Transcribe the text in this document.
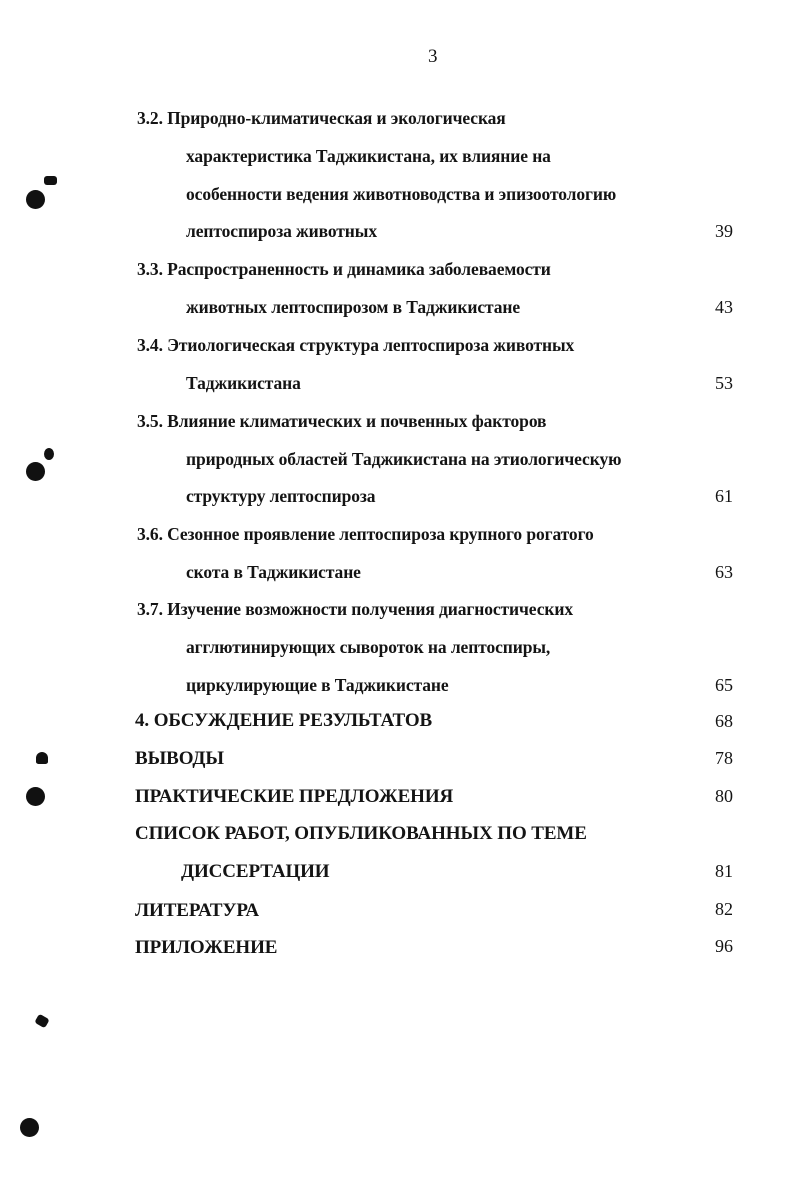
3
3.2. Природно-климатическая и экологическая
характеристика Таджикистана, их влияние на
особенности ведения животноводства и эпизоотологию
лептоспироза животных	39
3.3. Распространенность и динамика заболеваемости
животных лептоспирозом в Таджикистане	43
3.4. Этиологическая структура лептоспироза животных
Таджикистана	53
3.5. Влияние климатических и почвенных факторов
природных областей Таджикистана на этиологическую
структуру лептоспироза	61
3.6. Сезонное проявление лептоспироза крупного рогатого
скота в Таджикистане	63
3.7. Изучение возможности получения диагностических
агглютинирующих сывороток на лептоспиры,
циркулирующие в Таджикистане	65
4. ОБСУЖДЕНИЕ РЕЗУЛЬТАТОВ	68
ВЫВОДЫ	78
ПРАКТИЧЕСКИЕ ПРЕДЛОЖЕНИЯ	80
СПИСОК РАБОТ, ОПУБЛИКОВАННЫХ ПО ТЕМЕ
ДИССЕРТАЦИИ	81
ЛИТЕРАТУРА	82
ПРИЛОЖЕНИЕ	96
